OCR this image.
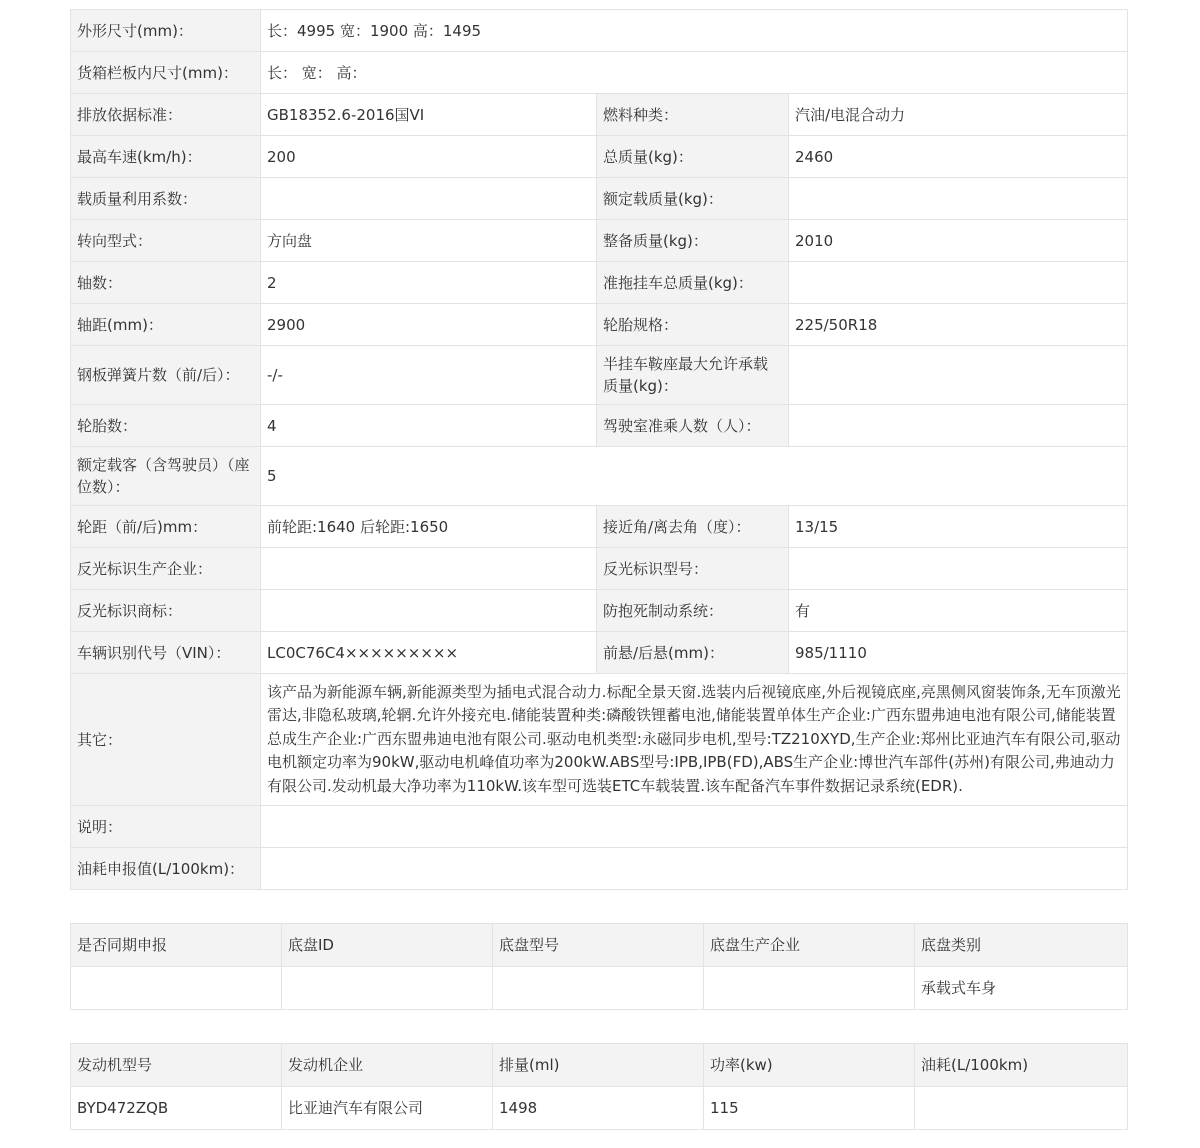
外形尺寸(mm)：	长：4995 宽：1900 高：1495		
货箱栏板内尺寸(mm)：	长： 宽： 高：		
排放依据标准：	GB18352.6-2016国VI	燃料种类：	汽油/电混合动力
最高车速(km/h)：	200	总质量(kg)：	2460
载质量利用系数：		额定载质量(kg)：	
转向型式：	方向盘	整备质量(kg)：	2010
轴数：	2	准拖挂车总质量(kg)：	
轴距(mm)：	2900	轮胎规格：	225/50R18
钢板弹簧片数（前/后）：	-/-	半挂车鞍座最大允许承载质量(kg)：	
轮胎数：	4	驾驶室准乘人数（人）：	
额定载客（含驾驶员）（座位数）：	5		
轮距（前/后)mm：	前轮距:1640 后轮距:1650	接近角/离去角（度）：	13/15
反光标识生产企业：		反光标识型号：	
反光标识商标：		防抱死制动系统：	有
车辆识别代号（VIN）：	LC0C76C4×××××××××	前悬/后悬(mm)：	985/1110
其它：	该产品为新能源车辆,新能源类型为插电式混合动力.标配全景天窗.选装内后视镜底座,外后视镜底座,亮黑侧风窗装饰条,无车顶激光雷达,非隐私玻璃,轮辋.允许外接充电.储能装置种类:磷酸铁锂蓄电池,储能装置单体生产企业:广西东盟弗迪电池有限公司,储能装置总成生产企业:广西东盟弗迪电池有限公司.驱动电机类型:永磁同步电机,型号:TZ210XYD,生产企业:郑州比亚迪汽车有限公司,驱动电机额定功率为90kW,驱动电机峰值功率为200kW.ABS型号:IPB,IPB(FD),ABS生产企业:博世汽车部件(苏州)有限公司,弗迪动力有限公司.发动机最大净功率为110kW.该车型可选装ETC车载装置.该车配备汽车事件数据记录系统(EDR).		
说明：			
油耗申报值(L/100km)：			
是否同期申报	底盘ID	底盘型号	底盘生产企业	底盘类别
				承载式车身
发动机型号	发动机企业	排量(ml)	功率(kw)	油耗(L/100km)
BYD472ZQB	比亚迪汽车有限公司	1498	115	
